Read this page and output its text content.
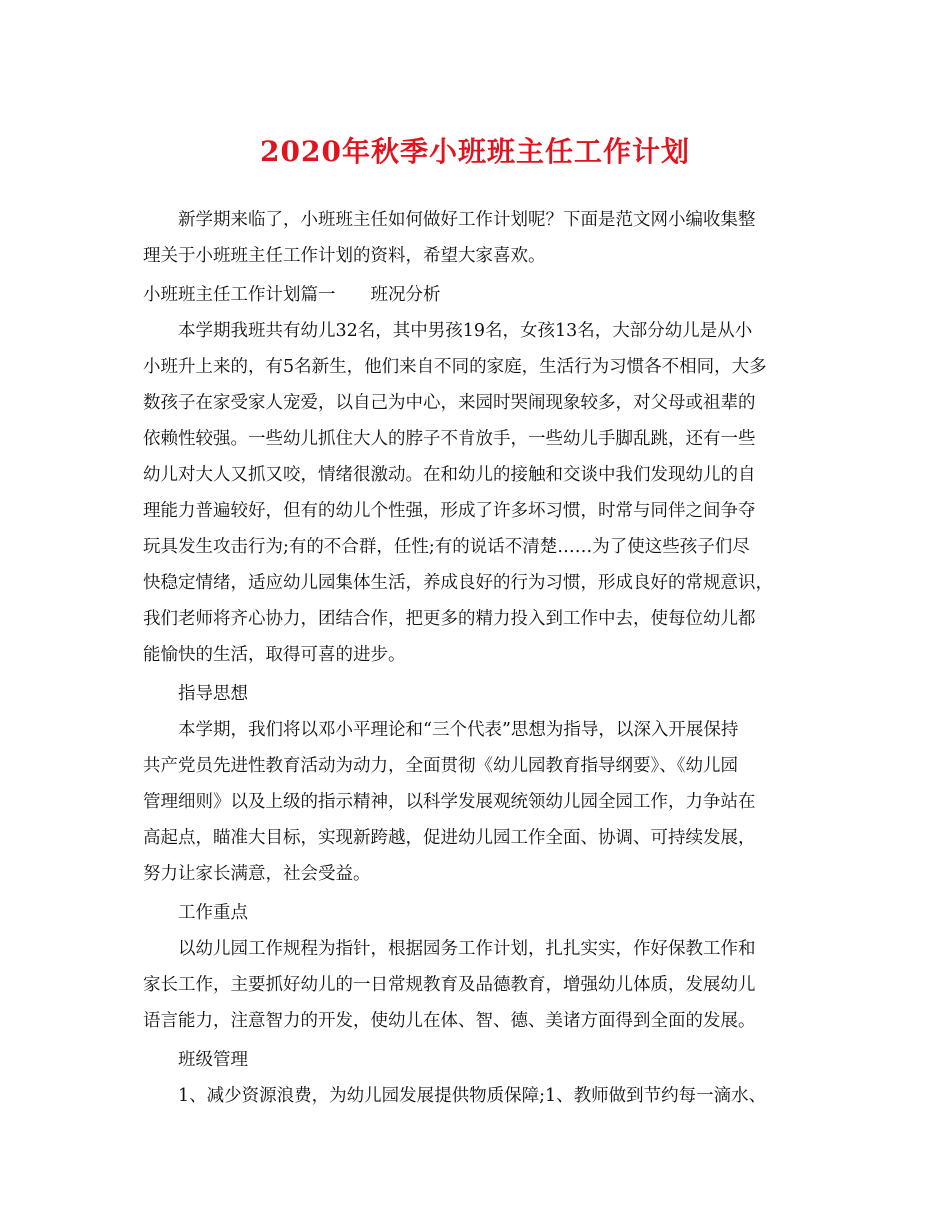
2020年秋季小班班主任工作计划
新学期来临了，小班班主任如何做好工作计划呢？下面是范文网小编收集整
理关于小班班主任工作计划的资料，希望大家喜欢。
小班班主任工作计划篇一　　班况分析
本学期我班共有幼儿32名，其中男孩19名，女孩13名，大部分幼儿是从小
小班升上来的，有5名新生，他们来自不同的家庭，生活行为习惯各不相同，大多
数孩子在家受家人宠爱，以自己为中心，来园时哭闹现象较多，对父母或祖辈的
依赖性较强。一些幼儿抓住大人的脖子不肯放手，一些幼儿手脚乱跳，还有一些
幼儿对大人又抓又咬，情绪很激动。在和幼儿的接触和交谈中我们发现幼儿的自
理能力普遍较好，但有的幼儿个性强，形成了许多坏习惯，时常与同伴之间争夺
玩具发生攻击行为;有的不合群，任性;有的说话不清楚……为了使这些孩子们尽
快稳定情绪，适应幼儿园集体生活，养成良好的行为习惯，形成良好的常规意识，
我们老师将齐心协力，团结合作，把更多的精力投入到工作中去，使每位幼儿都
能愉快的生活，取得可喜的进步。
指导思想
本学期，我们将以邓小平理论和“三个代表”思想为指导，以深入开展保持
共产党员先进性教育活动为动力，全面贯彻《幼儿园教育指导纲要》、《幼儿园
管理细则》以及上级的指示精神，以科学发展观统领幼儿园全园工作，力争站在
高起点，瞄准大目标，实现新跨越，促进幼儿园工作全面、协调、可持续发展，
努力让家长满意，社会受益。
工作重点
以幼儿园工作规程为指针，根据园务工作计划，扎扎实实，作好保教工作和
家长工作，主要抓好幼儿的一日常规教育及品德教育，增强幼儿体质，发展幼儿
语言能力，注意智力的开发，使幼儿在体、智、德、美诸方面得到全面的发展。
班级管理
1、减少资源浪费，为幼儿园发展提供物质保障;1、教师做到节约每一滴水、
